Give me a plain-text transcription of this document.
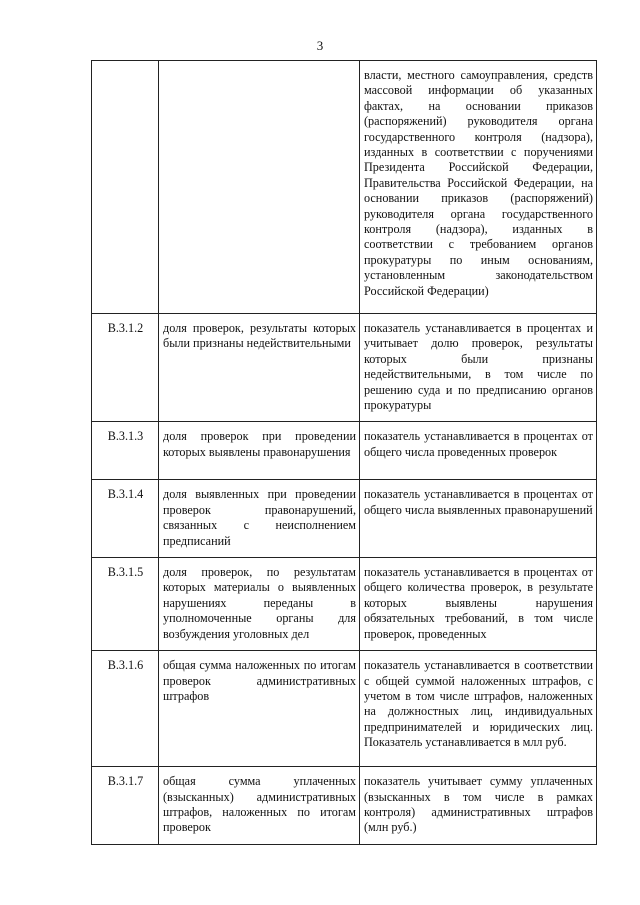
3
		власти, местного самоуправления, средств массовой информации об указанных фактах, на основании приказов (распоряжений) руководителя органа государственного контроля (надзора), изданных в соответствии с поручениями Президента Российской Федерации, Правительства Российской Федерации, на основании приказов (распоряжений) руководителя органа государственного контроля (надзора), изданных в соответствии с требованием органов прокуратуры по иным основаниям, установленным законодательством Российской Федерации)
В.3.1.2	доля проверок, результаты которых были признаны недействительными	показатель устанавливается в процентах и учитывает долю проверок, результаты которых были признаны недействительными, в том числе по решению суда и по предписанию органов прокуратуры
В.3.1.3	доля проверок при проведении которых выявлены правонарушения	показатель устанавливается в процентах от общего числа проведенных проверок
В.3.1.4	доля выявленных при проведении проверок правонарушений, связанных с неисполнением предписаний	показатель устанавливается в процентах от общего числа выявленных правонарушений
В.3.1.5	доля проверок, по результатам которых материалы о выявленных нарушениях переданы в уполномоченные органы для возбуждения уголовных дел	показатель устанавливается в процентах от общего количества проверок, в результате которых выявлены нарушения обязательных требований, в том числе проверок, проведенных
В.3.1.6	общая сумма наложенных по итогам проверок административных штрафов	показатель устанавливается в соответствии с общей суммой наложенных штрафов, с учетом в том числе штрафов, наложенных на должностных лиц, индивидуальных предпринимателей и юридических лиц. Показатель устанавливается в млл руб.
В.3.1.7	общая сумма уплаченных (взысканных) административных штрафов, наложенных по итогам проверок	показатель учитывает сумму уплаченных (взысканных в том числе в рамках контроля) административных штрафов (млн руб.)
